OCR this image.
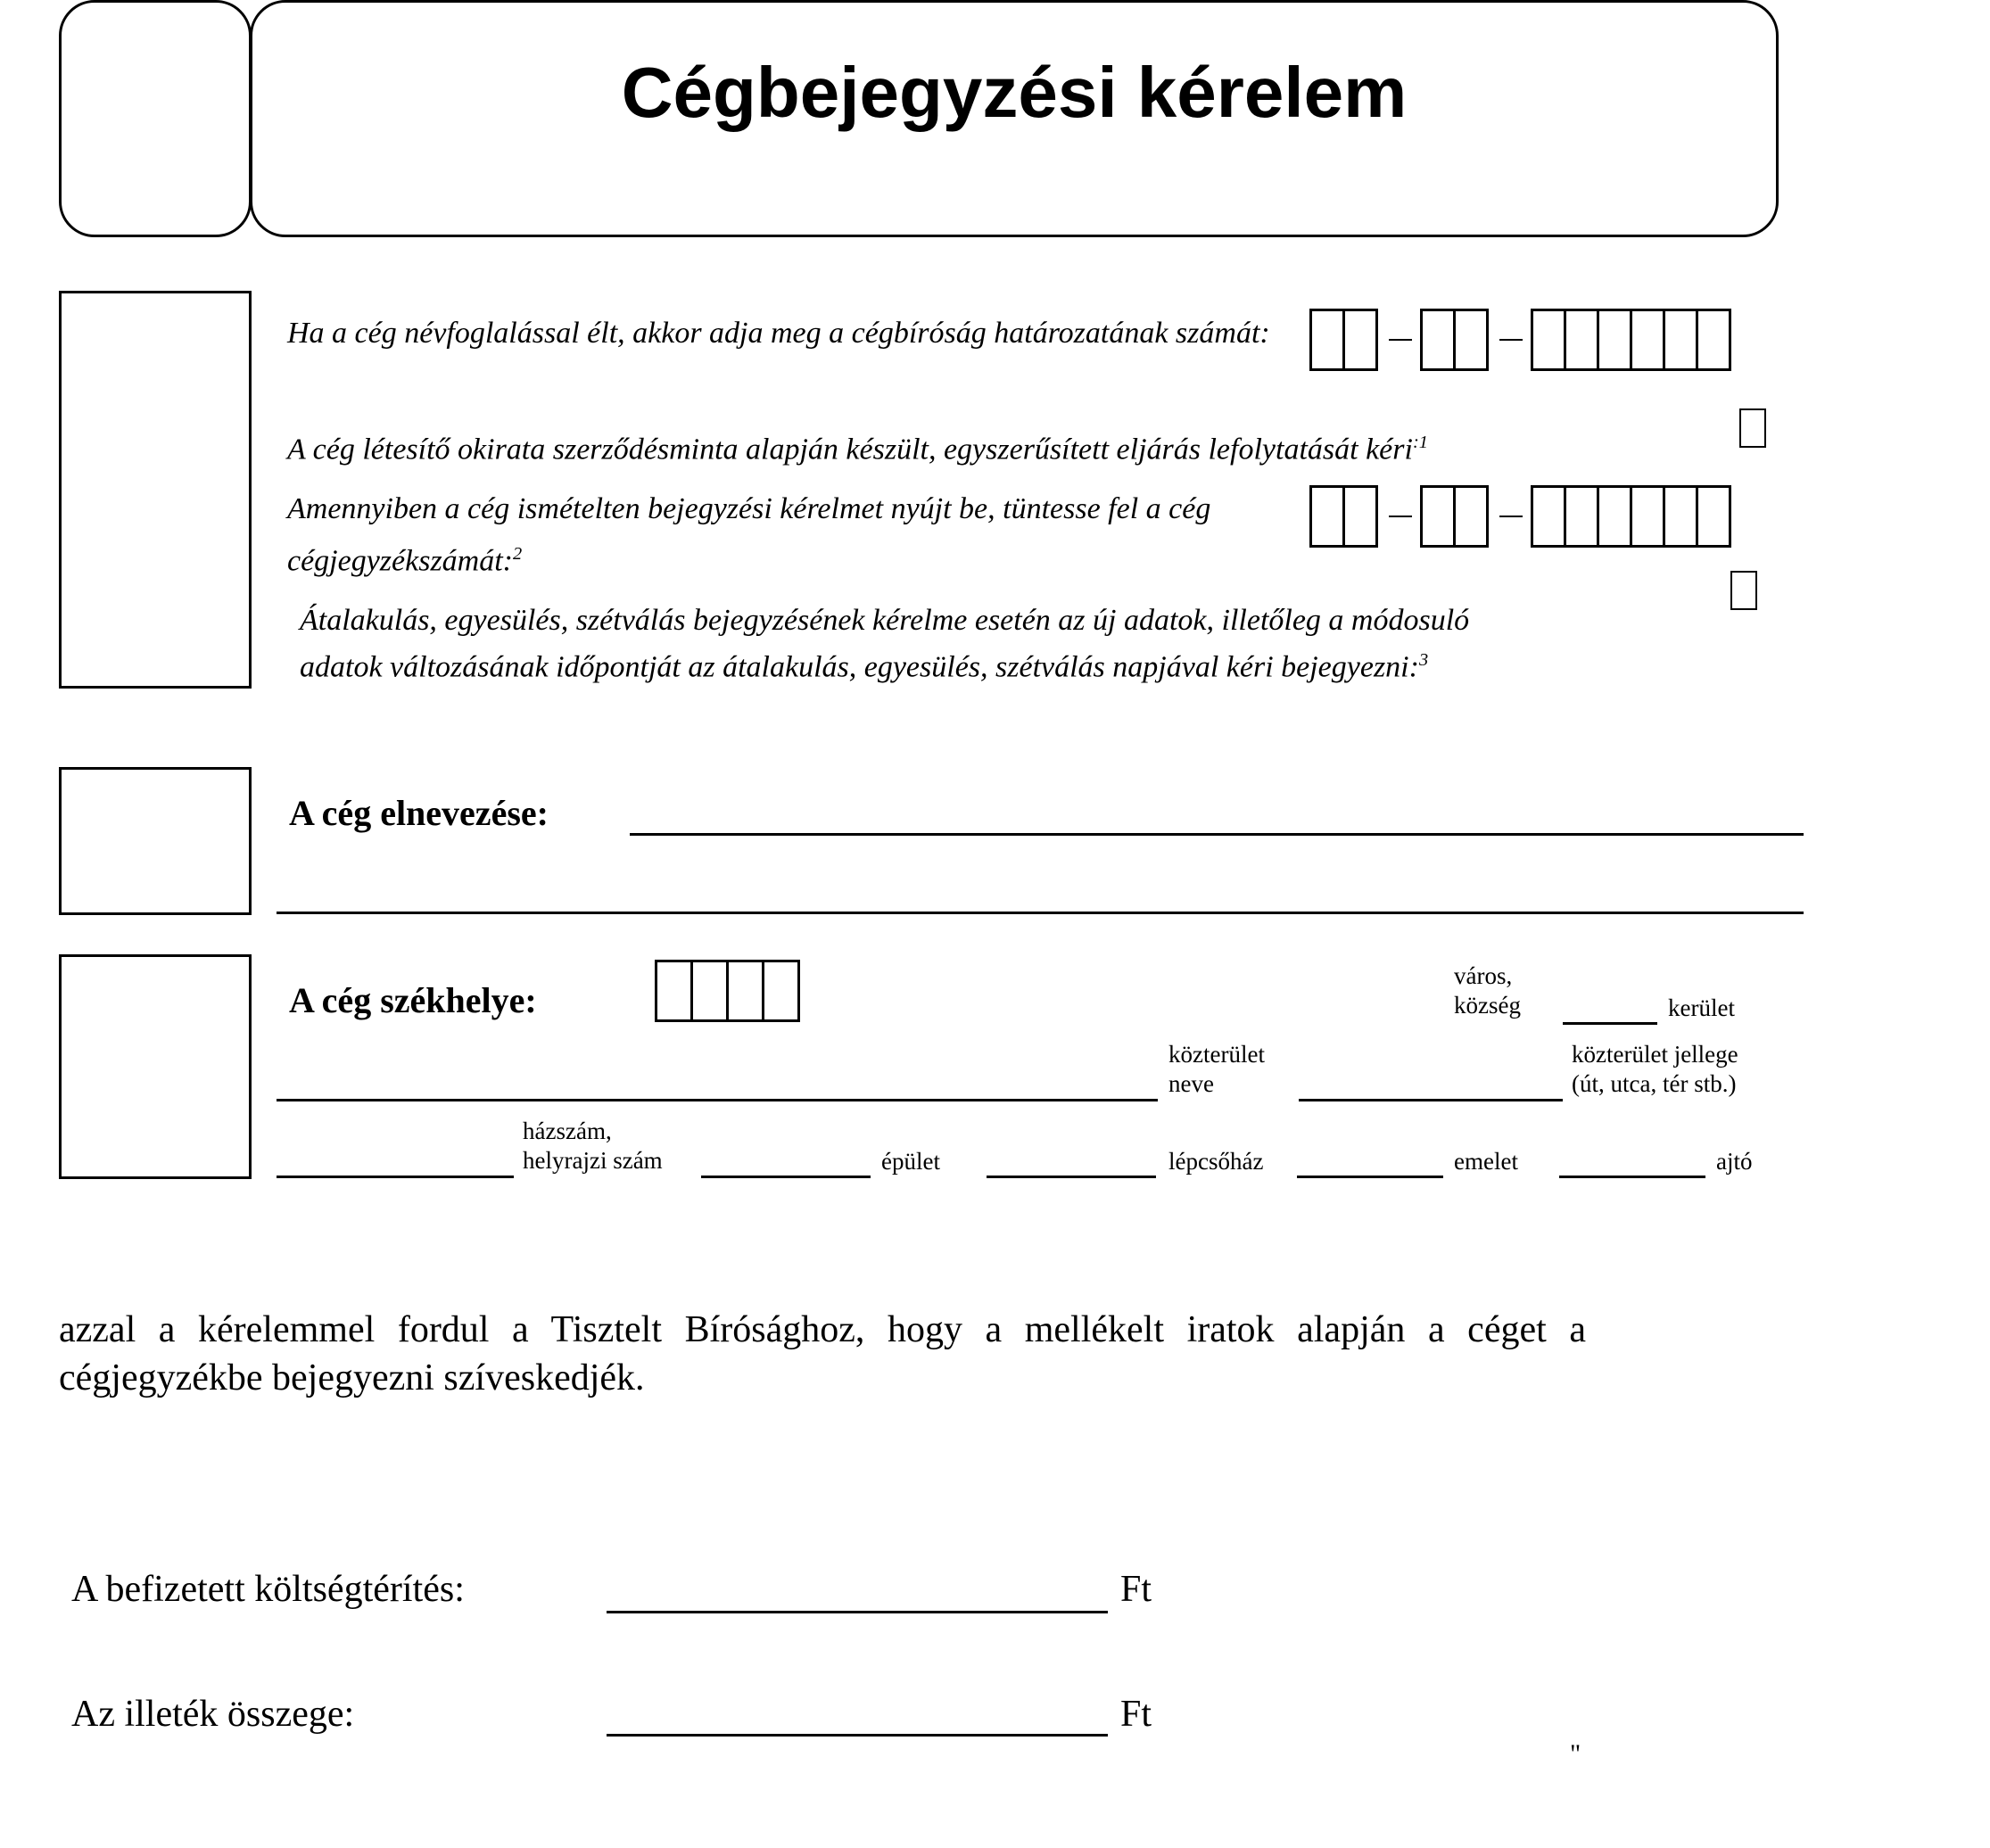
Cégbejegyzési kérelem
Ha a cég névfoglalással élt, akkor adja meg a cégbíróság határozatának számát:
A cég létesítő okirata szerződésminta alapján készült, egyszerűsített eljárás lefolytatását kéri$^{:1}$
Amennyiben a cég ismételten bejegyzési kérelmet nyújt be, tüntesse fel a cég cégjegyzékszámát:$^2$
Átalakulás, egyesülés, szétválás bejegyzésének kérelme esetén az új adatok, illetőleg a módosuló
adatok változásának időpontját az átalakulás, egyesülés, szétválás napjával kéri bejegyezni:$^3$
A cég elnevezése:
A cég székhelye:
város,
község	kerület
közterület
neve
közterület jellege
(út, utca, tér stb.)
házszám,
helyrajzi szám	épület	lépcsőház	emelet	ajtó
azzal a kérelemmel fordul a Tisztelt Bírósághoz, hogy a mellékelt iratok alapján a céget a
cégjegyzékbe bejegyezni szíveskedjék.
A befizetett költségtérítés:	Ft
Az illeték összege:	Ft
"
